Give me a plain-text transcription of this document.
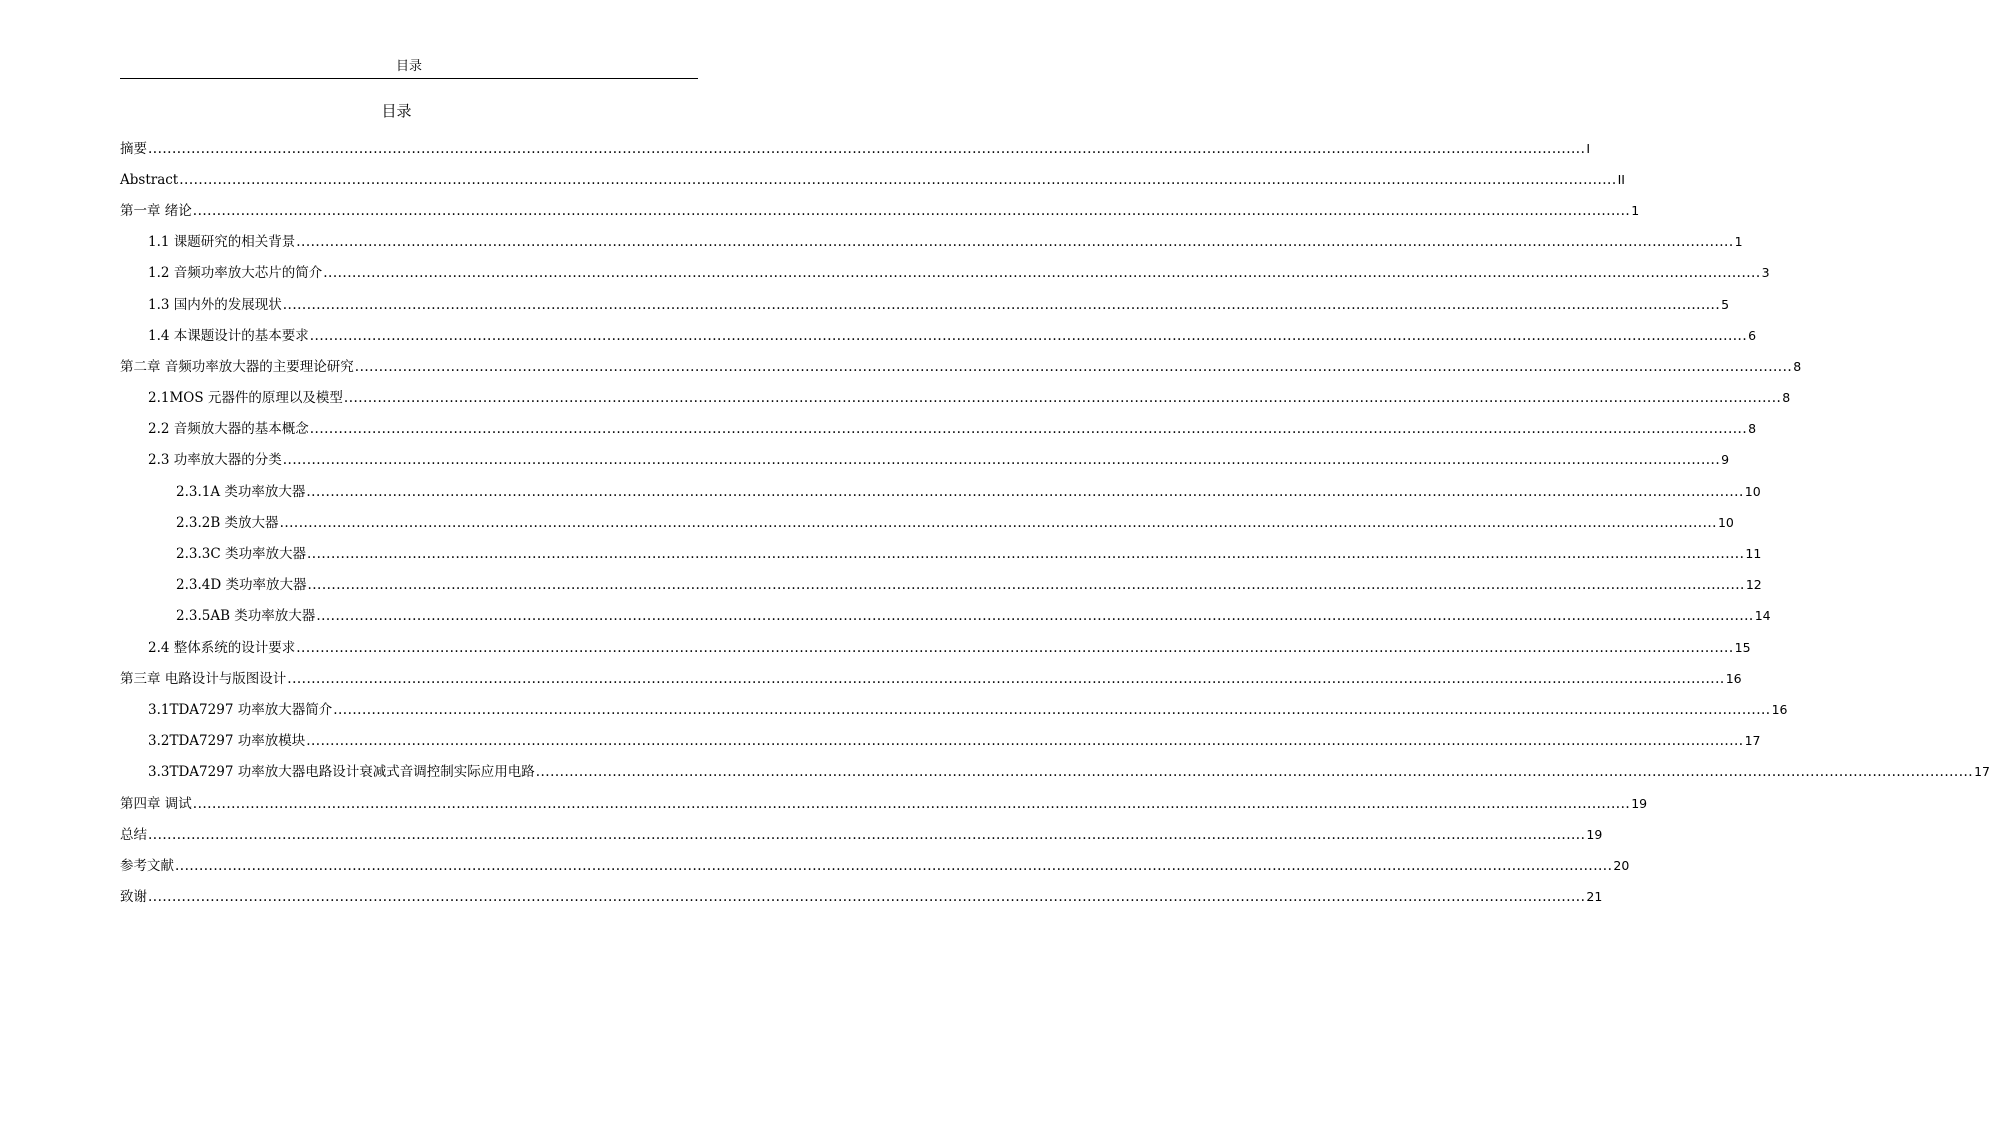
目录
目录
摘要 ............................................................................................................................................................................................................................................................................................................ I
Abstract ............................................................................................................................................................................................................................................................................................................ II
第一章 绪论 ............................................................................................................................................................................................................................................................................................................ 1
1.1 课题研究的相关背景 ............................................................................................................................................................................................................................................................................................................ 1
1.2 音频功率放大芯片的简介 ............................................................................................................................................................................................................................................................................................................ 3
1.3 国内外的发展现状 ............................................................................................................................................................................................................................................................................................................ 5
1.4 本课题设计的基本要求 ............................................................................................................................................................................................................................................................................................................ 6
第二章 音频功率放大器的主要理论研究 ............................................................................................................................................................................................................................................................................................................ 8
2.1MOS 元器件的原理以及模型 ............................................................................................................................................................................................................................................................................................................ 8
2.2 音频放大器的基本概念 ............................................................................................................................................................................................................................................................................................................ 8
2.3 功率放大器的分类 ............................................................................................................................................................................................................................................................................................................ 9
2.3.1A 类功率放大器 ............................................................................................................................................................................................................................................................................................................ 10
2.3.2B 类放大器 ............................................................................................................................................................................................................................................................................................................ 10
2.3.3C 类功率放大器 ............................................................................................................................................................................................................................................................................................................ 11
2.3.4D 类功率放大器 ............................................................................................................................................................................................................................................................................................................ 12
2.3.5AB 类功率放大器 ............................................................................................................................................................................................................................................................................................................ 14
2.4 整体系统的设计要求 ............................................................................................................................................................................................................................................................................................................ 15
第三章 电路设计与版图设计 ............................................................................................................................................................................................................................................................................................................ 16
3.1TDA7297 功率放大器简介 ............................................................................................................................................................................................................................................................................................................ 16
3.2TDA7297 功率放模块 ............................................................................................................................................................................................................................................................................................................ 17
3.3TDA7297 功率放大器电路设计衰减式音调控制实际应用电路 ............................................................................................................................................................................................................................................................................................................ 17
第四章 调试 ............................................................................................................................................................................................................................................................................................................ 19
总结 ............................................................................................................................................................................................................................................................................................................ 19
参考文献 ............................................................................................................................................................................................................................................................................................................ 20
致谢 ............................................................................................................................................................................................................................................................................................................ 21
